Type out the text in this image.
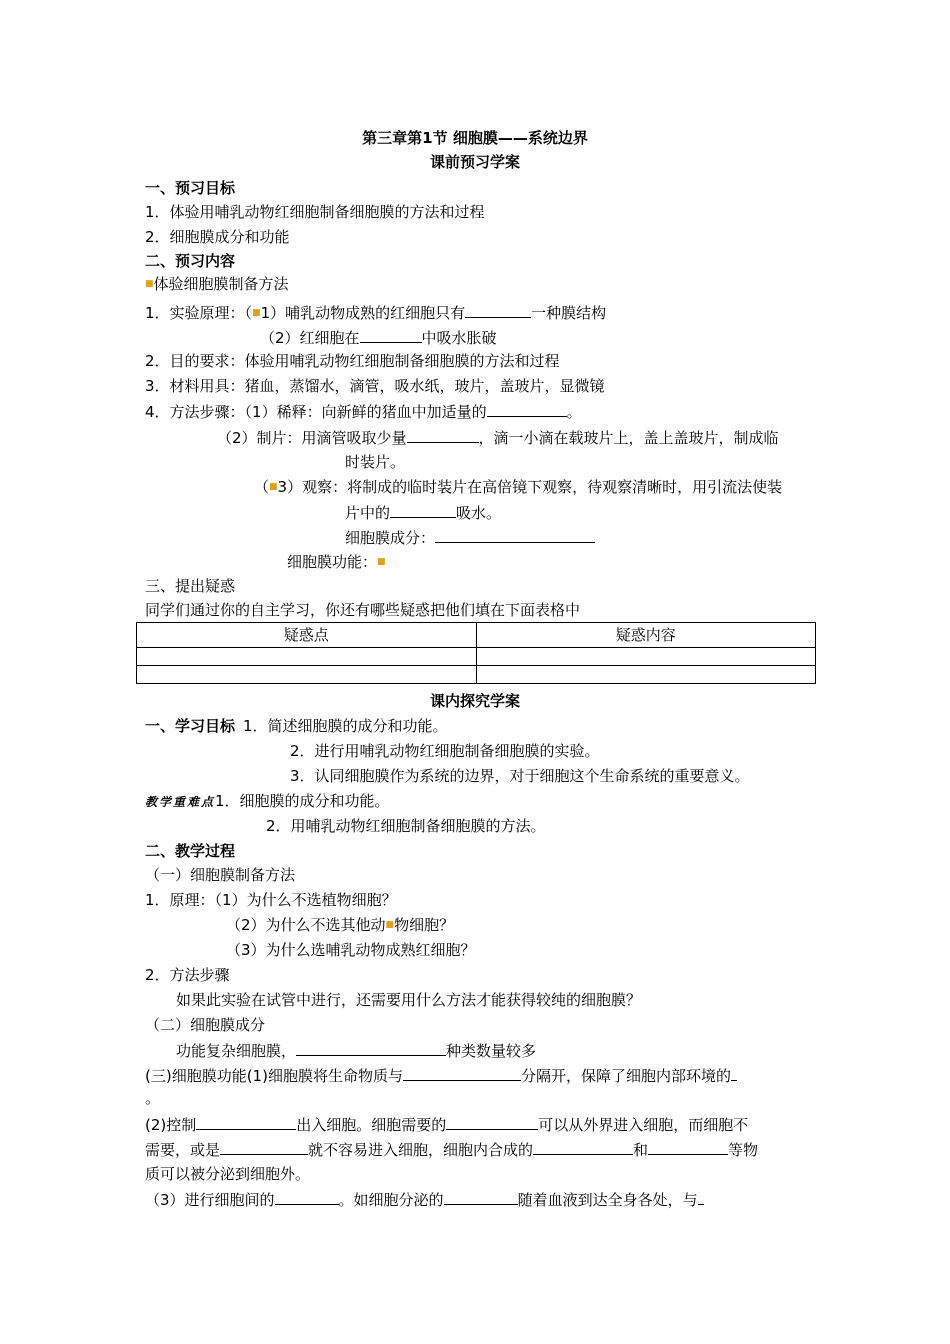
第三章第1节 细胞膜——系统边界
课前预习学案
一、预习目标
1．体验用哺乳动物红细胞制备细胞膜的方法和过程
2．细胞膜成分和功能
二、预习内容
■体验细胞膜制备方法
1．实验原理：（■1）哺乳动物成熟的红细胞只有	一种膜结构
（2）红细胞在	中吸水胀破
2．目的要求：体验用哺乳动物红细胞制备细胞膜的方法和过程
3．材料用具：猪血，蒸馏水，滴管，吸水纸，玻片，盖玻片，显微镜
4．方法步骤：（1）稀释：向新鲜的猪血中加适量的	。
（2）制片：用滴管吸取少量	，滴一小滴在载玻片上，盖上盖玻片，制成临
时装片。
（■3）观察：将制成的临时装片在高倍镜下观察，待观察清晰时，用引流法使装
片中的	吸水。
细胞膜成分：
细胞膜功能：■
三、提出疑惑
同学们通过你的自主学习，你还有哪些疑惑把他们填在下面表格中
疑惑点	疑惑内容

课内探究学案
一、学习目标 1．简述细胞膜的成分和功能。
2．进行用哺乳动物红细胞制备细胞膜的实验。
3．认同细胞膜作为系统的边界，对于细胞这个生命系统的重要意义。
教学重难点1．细胞膜的成分和功能。
2．用哺乳动物红细胞制备细胞膜的方法。
二、教学过程
（一）细胞膜制备方法
1．原理：（1）为什么不选植物细胞？
（2）为什么不选其他动■物细胞？
（3）为什么选哺乳动物成熟红细胞？
2．方法步骤
如果此实验在试管中进行，还需要用什么方法才能获得较纯的细胞膜？
（二）细胞膜成分
功能复杂细胞膜，	种类数量较多
(三)细胞膜功能(1)细胞膜将生命物质与	分隔开，保障了细胞内部环境的
。
(2)控制	出入细胞。细胞需要的	可以从外界进入细胞，而细胞不
需要，或是	就不容易进入细胞，细胞内合成的	和	等物
质可以被分泌到细胞外。
（3）进行细胞间的	。如细胞分泌的	随着血液到达全身各处，与
